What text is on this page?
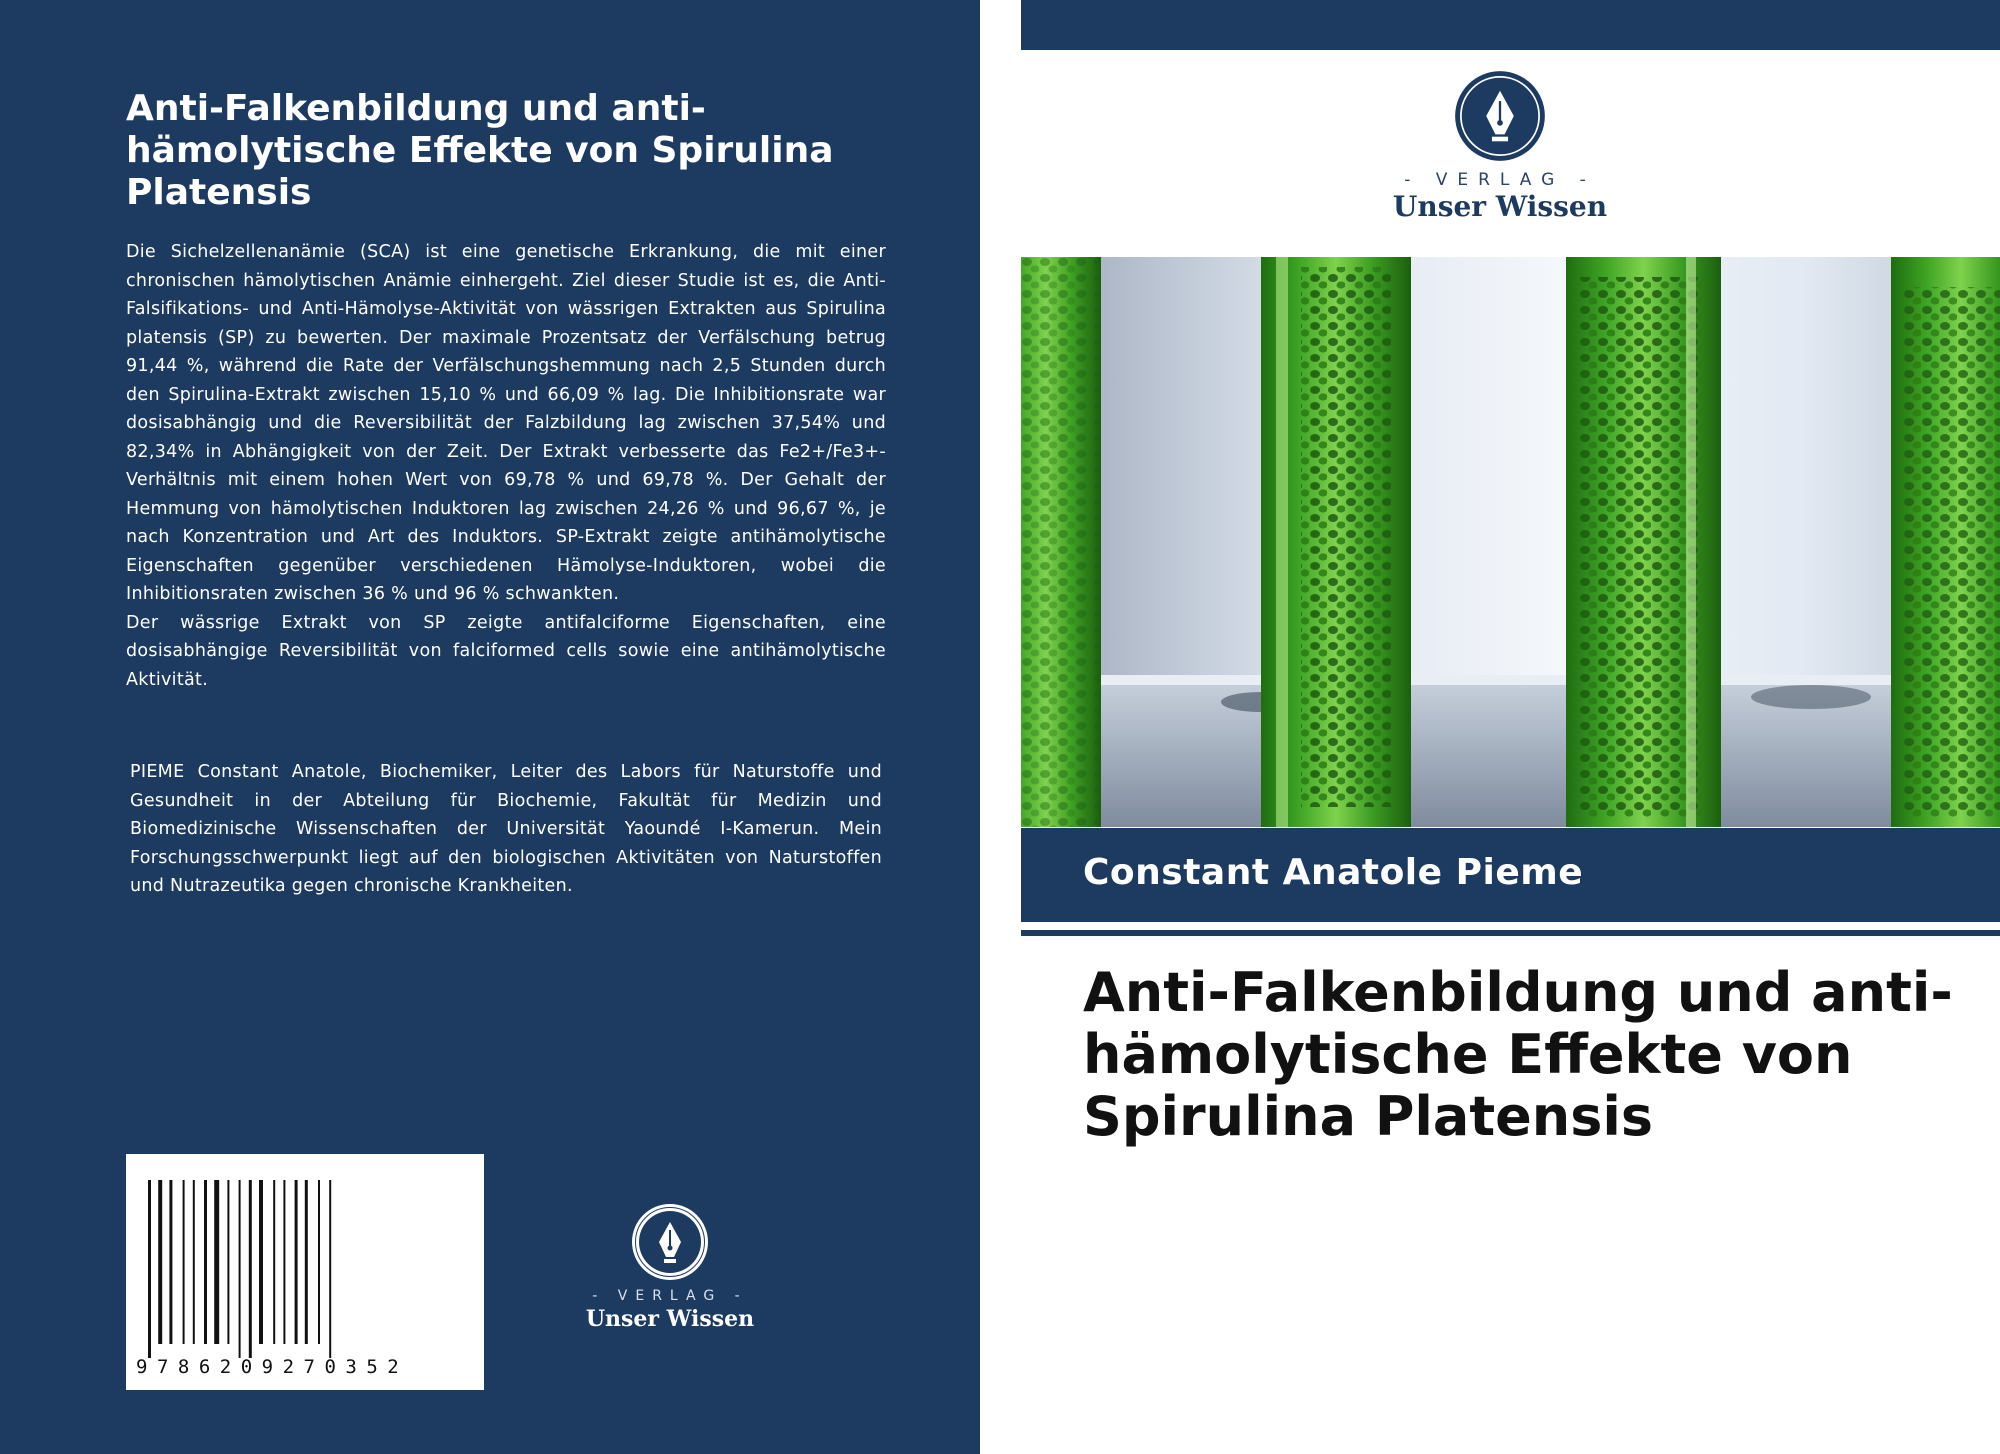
Anti-Falkenbildung und anti-hämolytische Effekte von Spirulina Platensis

Die Sichelzellenanämie (SCA) ist eine genetische Erkrankung, die mit einer chronischen hämolytischen Anämie einhergeht. Ziel dieser Studie ist es, die Anti-Falsifikations- und Anti-Hämolyse-Aktivität von wässrigen Extrakten aus Spirulina platensis (SP) zu bewerten. Der maximale Prozentsatz der Verfälschung betrug 91,44 %, während die Rate der Verfälschungshemmung nach 2,5 Stunden durch den Spirulina-Extrakt zwischen 15,10 % und 66,09 % lag. Die Inhibitionsrate war dosisabhängig und die Reversibilität der Falzbildung lag zwischen 37,54% und 82,34% in Abhängigkeit von der Zeit. Der Extrakt verbesserte das Fe2+/Fe3+-Verhältnis mit einem hohen Wert von 69,78 % und 69,78 %. Der Gehalt der Hemmung von hämolytischen Induktoren lag zwischen 24,26 % und 96,67 %, je nach Konzentration und Art des Induktors. SP-Extrakt zeigte antihämolytische Eigenschaften gegenüber verschiedenen Hämolyse-Induktoren, wobei die Inhibitionsraten zwischen 36 % und 96 % schwankten.

Der wässrige Extrakt von SP zeigte antifalciforme Eigenschaften, eine dosisabhängige Reversibilität von falciformed cells sowie eine antihämolytische Aktivität.

PIEME Constant Anatole, Biochemiker, Leiter des Labors für Naturstoffe und Gesundheit in der Abteilung für Biochemie, Fakultät für Medizin und Biomedizinische Wissenschaften der Universität Yaoundé I-Kamerun. Mein Forschungsschwerpunkt liegt auf den biologischen Aktivitäten von Naturstoffen und Nutrazeutika gegen chronische Krankheiten.

9786209270352
- VERLAG -
Unser Wissen
- VERLAG -
Unser Wissen

Constant Anatole Pieme

Anti-Falkenbildung und anti-hämolytische Effekte von Spirulina Platensis
